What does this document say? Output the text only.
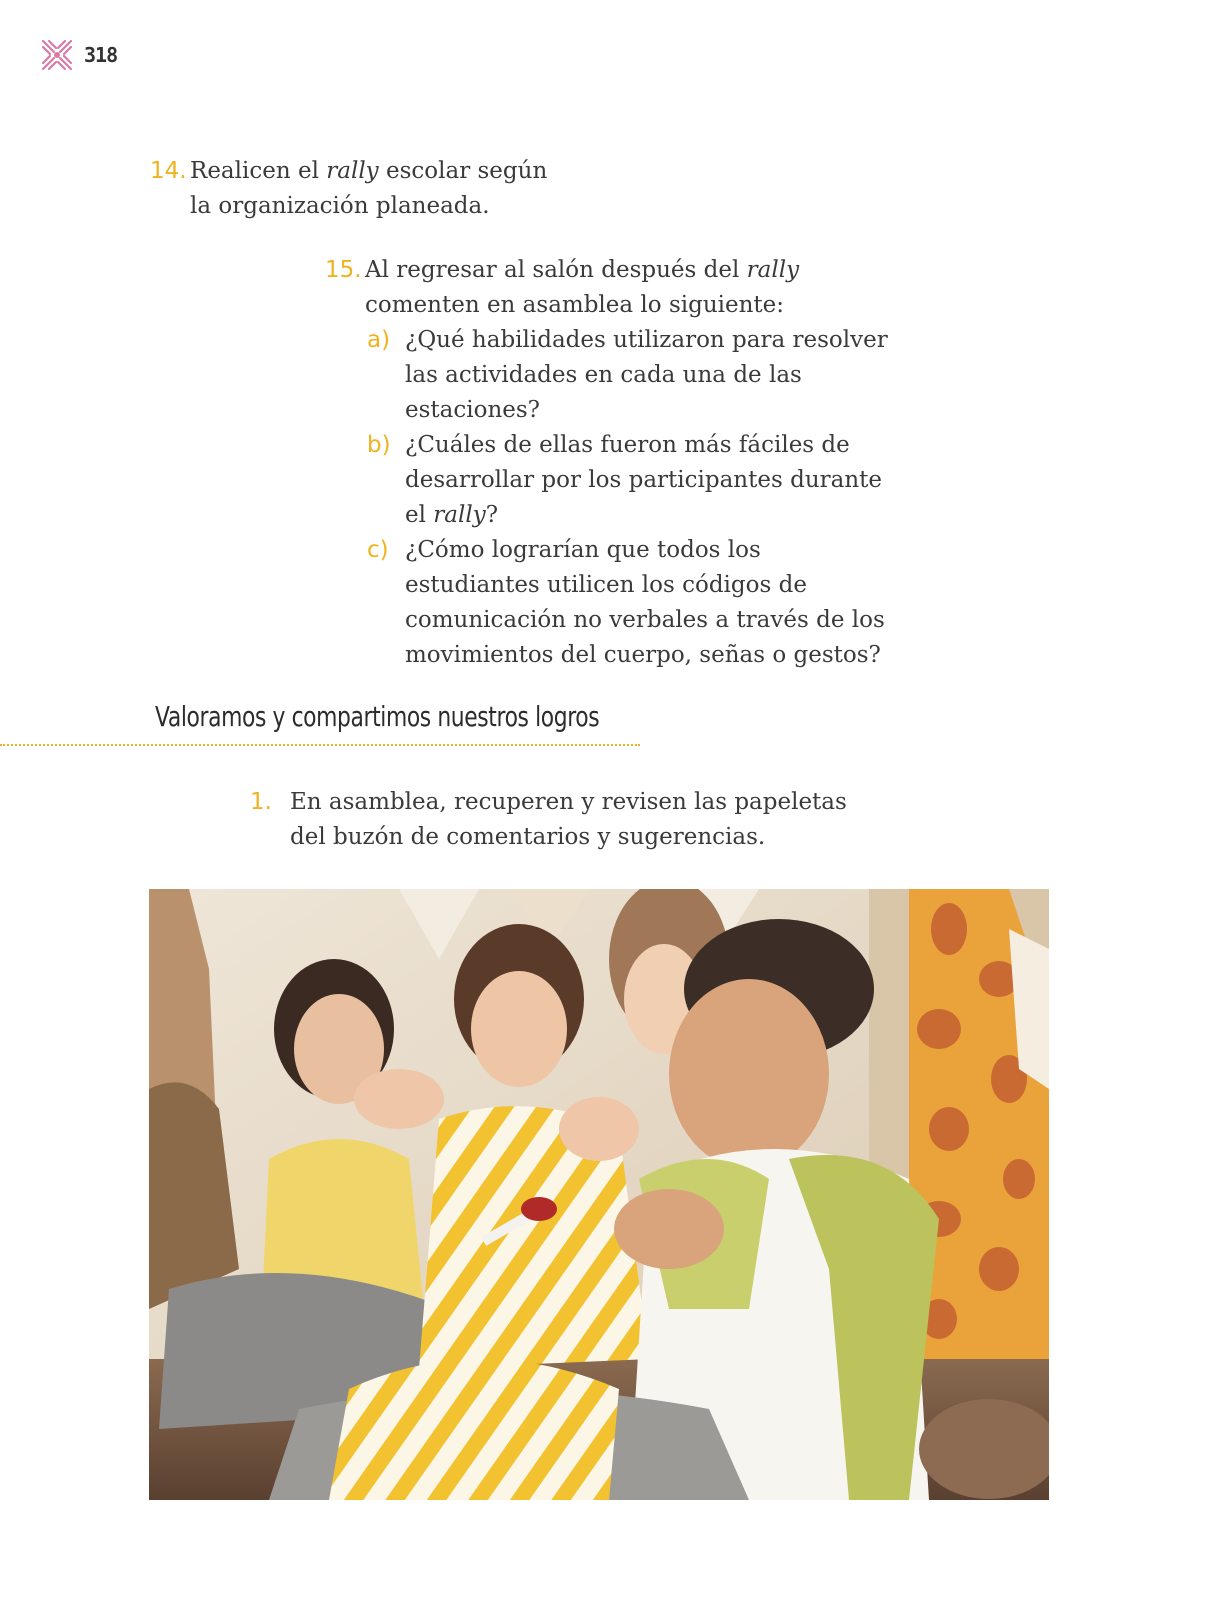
318
14. Realicen el rally escolar según
la organización planeada.
15. Al regresar al salón después del rally
comenten en asamblea lo siguiente:
a) ¿Qué habilidades utilizaron para resolver
las actividades en cada una de las
estaciones?
b) ¿Cuáles de ellas fueron más fáciles de
desarrollar por los participantes durante
el rally?
c) ¿Cómo lograrían que todos los
estudiantes utilicen los códigos de
comunicación no verbales a través de los
movimientos del cuerpo, señas o gestos?
Valoramos y compartimos nuestros logros
1. En asamblea, recuperen y revisen las papeletas
del buzón de comentarios y sugerencias.
